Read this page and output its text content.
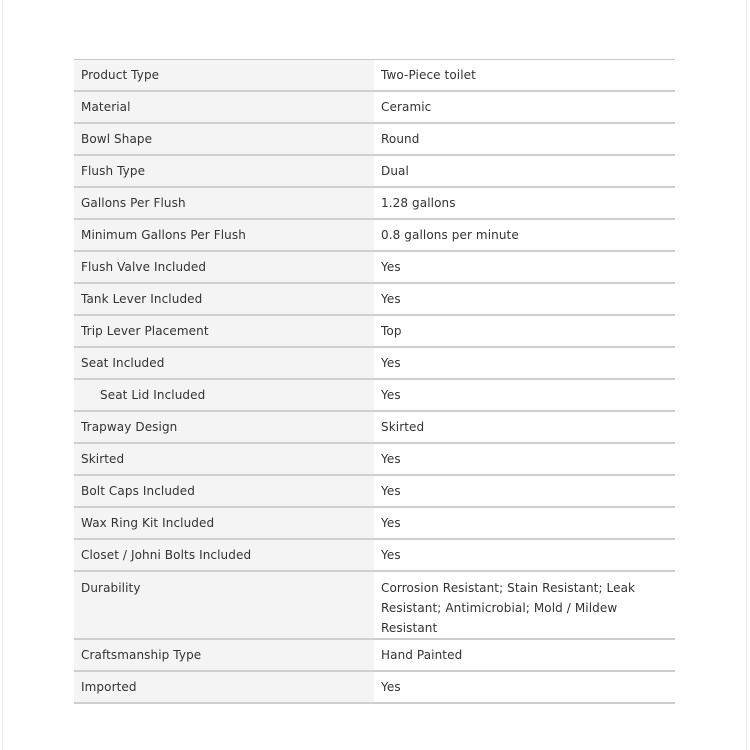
Product Type	Two-Piece toilet
Material	Ceramic
Bowl Shape	Round
Flush Type	Dual
Gallons Per Flush	1.28 gallons
Minimum Gallons Per Flush	0.8 gallons per minute
Flush Valve Included	Yes
Tank Lever Included	Yes
Trip Lever Placement	Top
Seat Included	Yes
Seat Lid Included	Yes
Trapway Design	Skirted
Skirted	Yes
Bolt Caps Included	Yes
Wax Ring Kit Included	Yes
Closet / Johni Bolts Included	Yes
Durability	Corrosion Resistant; Stain Resistant; Leak Resistant; Antimicrobial; Mold / Mildew Resistant
Craftsmanship Type	Hand Painted
Imported	Yes
